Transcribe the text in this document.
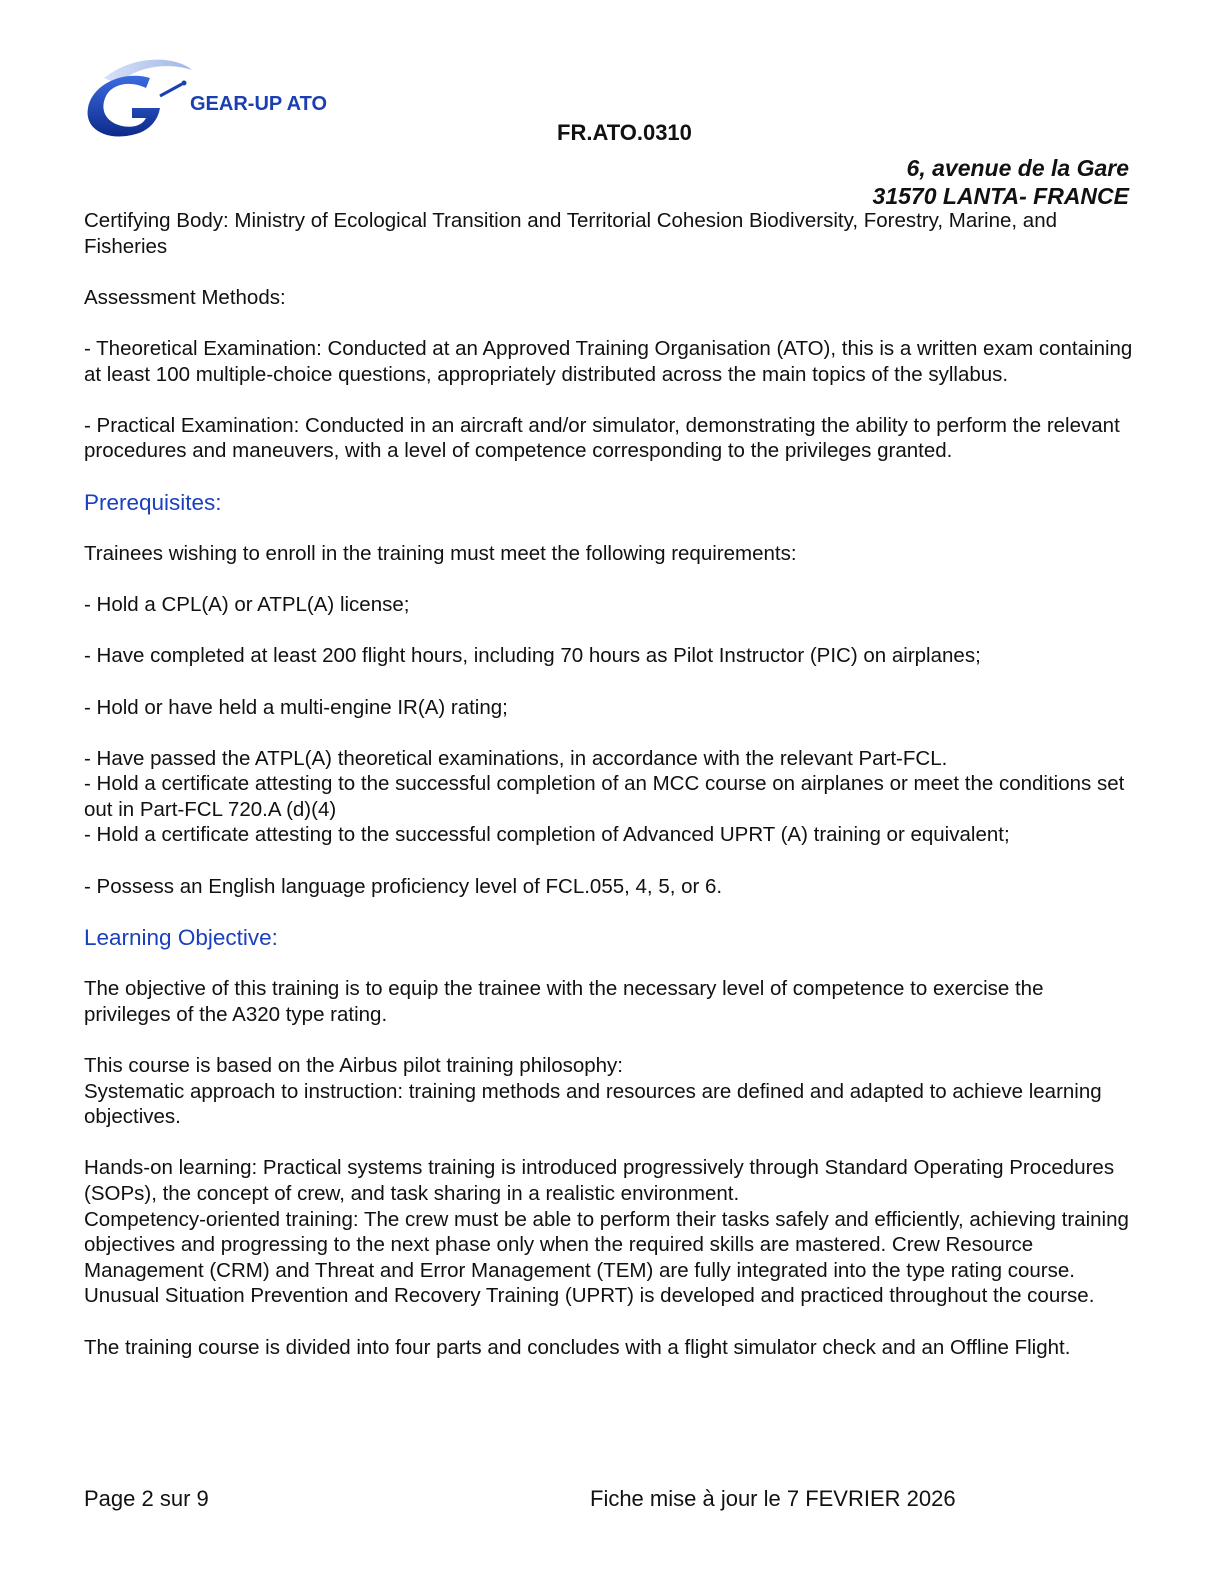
GEAR-UP ATO
FR.ATO.0310
6, avenue de la Gare
31570 LANTA- FRANCE

Certifying Body: Ministry of Ecological Transition and Territorial Cohesion Biodiversity, Forestry, Marine, and Fisheries

Assessment Methods:

- Theoretical Examination: Conducted at an Approved Training Organisation (ATO), this is a written exam containing at least 100 multiple-choice questions, appropriately distributed across the main topics of the syllabus.

- Practical Examination: Conducted in an aircraft and/or simulator, demonstrating the ability to perform the relevant procedures and maneuvers, with a level of competence corresponding to the privileges granted.

Prerequisites:

Trainees wishing to enroll in the training must meet the following requirements:

- Hold a CPL(A) or ATPL(A) license;

- Have completed at least 200 flight hours, including 70 hours as Pilot Instructor (PIC) on airplanes;

- Hold or have held a multi-engine IR(A) rating;

- Have passed the ATPL(A) theoretical examinations, in accordance with the relevant Part-FCL.

- Hold a certificate attesting to the successful completion of an MCC course on airplanes or meet the conditions set out in Part-FCL 720.A (d)(4)

- Hold a certificate attesting to the successful completion of Advanced UPRT (A) training or equivalent;

- Possess an English language proficiency level of FCL.055, 4, 5, or 6.

Learning Objective:

The objective of this training is to equip the trainee with the necessary level of competence to exercise the privileges of the A320 type rating.

This course is based on the Airbus pilot training philosophy:

Systematic approach to instruction: training methods and resources are defined and adapted to achieve learning objectives.

Hands-on learning: Practical systems training is introduced progressively through Standard Operating Procedures (SOPs), the concept of crew, and task sharing in a realistic environment.

Competency-oriented training: The crew must be able to perform their tasks safely and efficiently, achieving training objectives and progressing to the next phase only when the required skills are mastered. Crew Resource Management (CRM) and Threat and Error Management (TEM) are fully integrated into the type rating course. Unusual Situation Prevention and Recovery Training (UPRT) is developed and practiced throughout the course.

The training course is divided into four parts and concludes with a flight simulator check and an Offline Flight.

Page 2 sur 9	Fiche mise à jour le 7 FEVRIER 2026
